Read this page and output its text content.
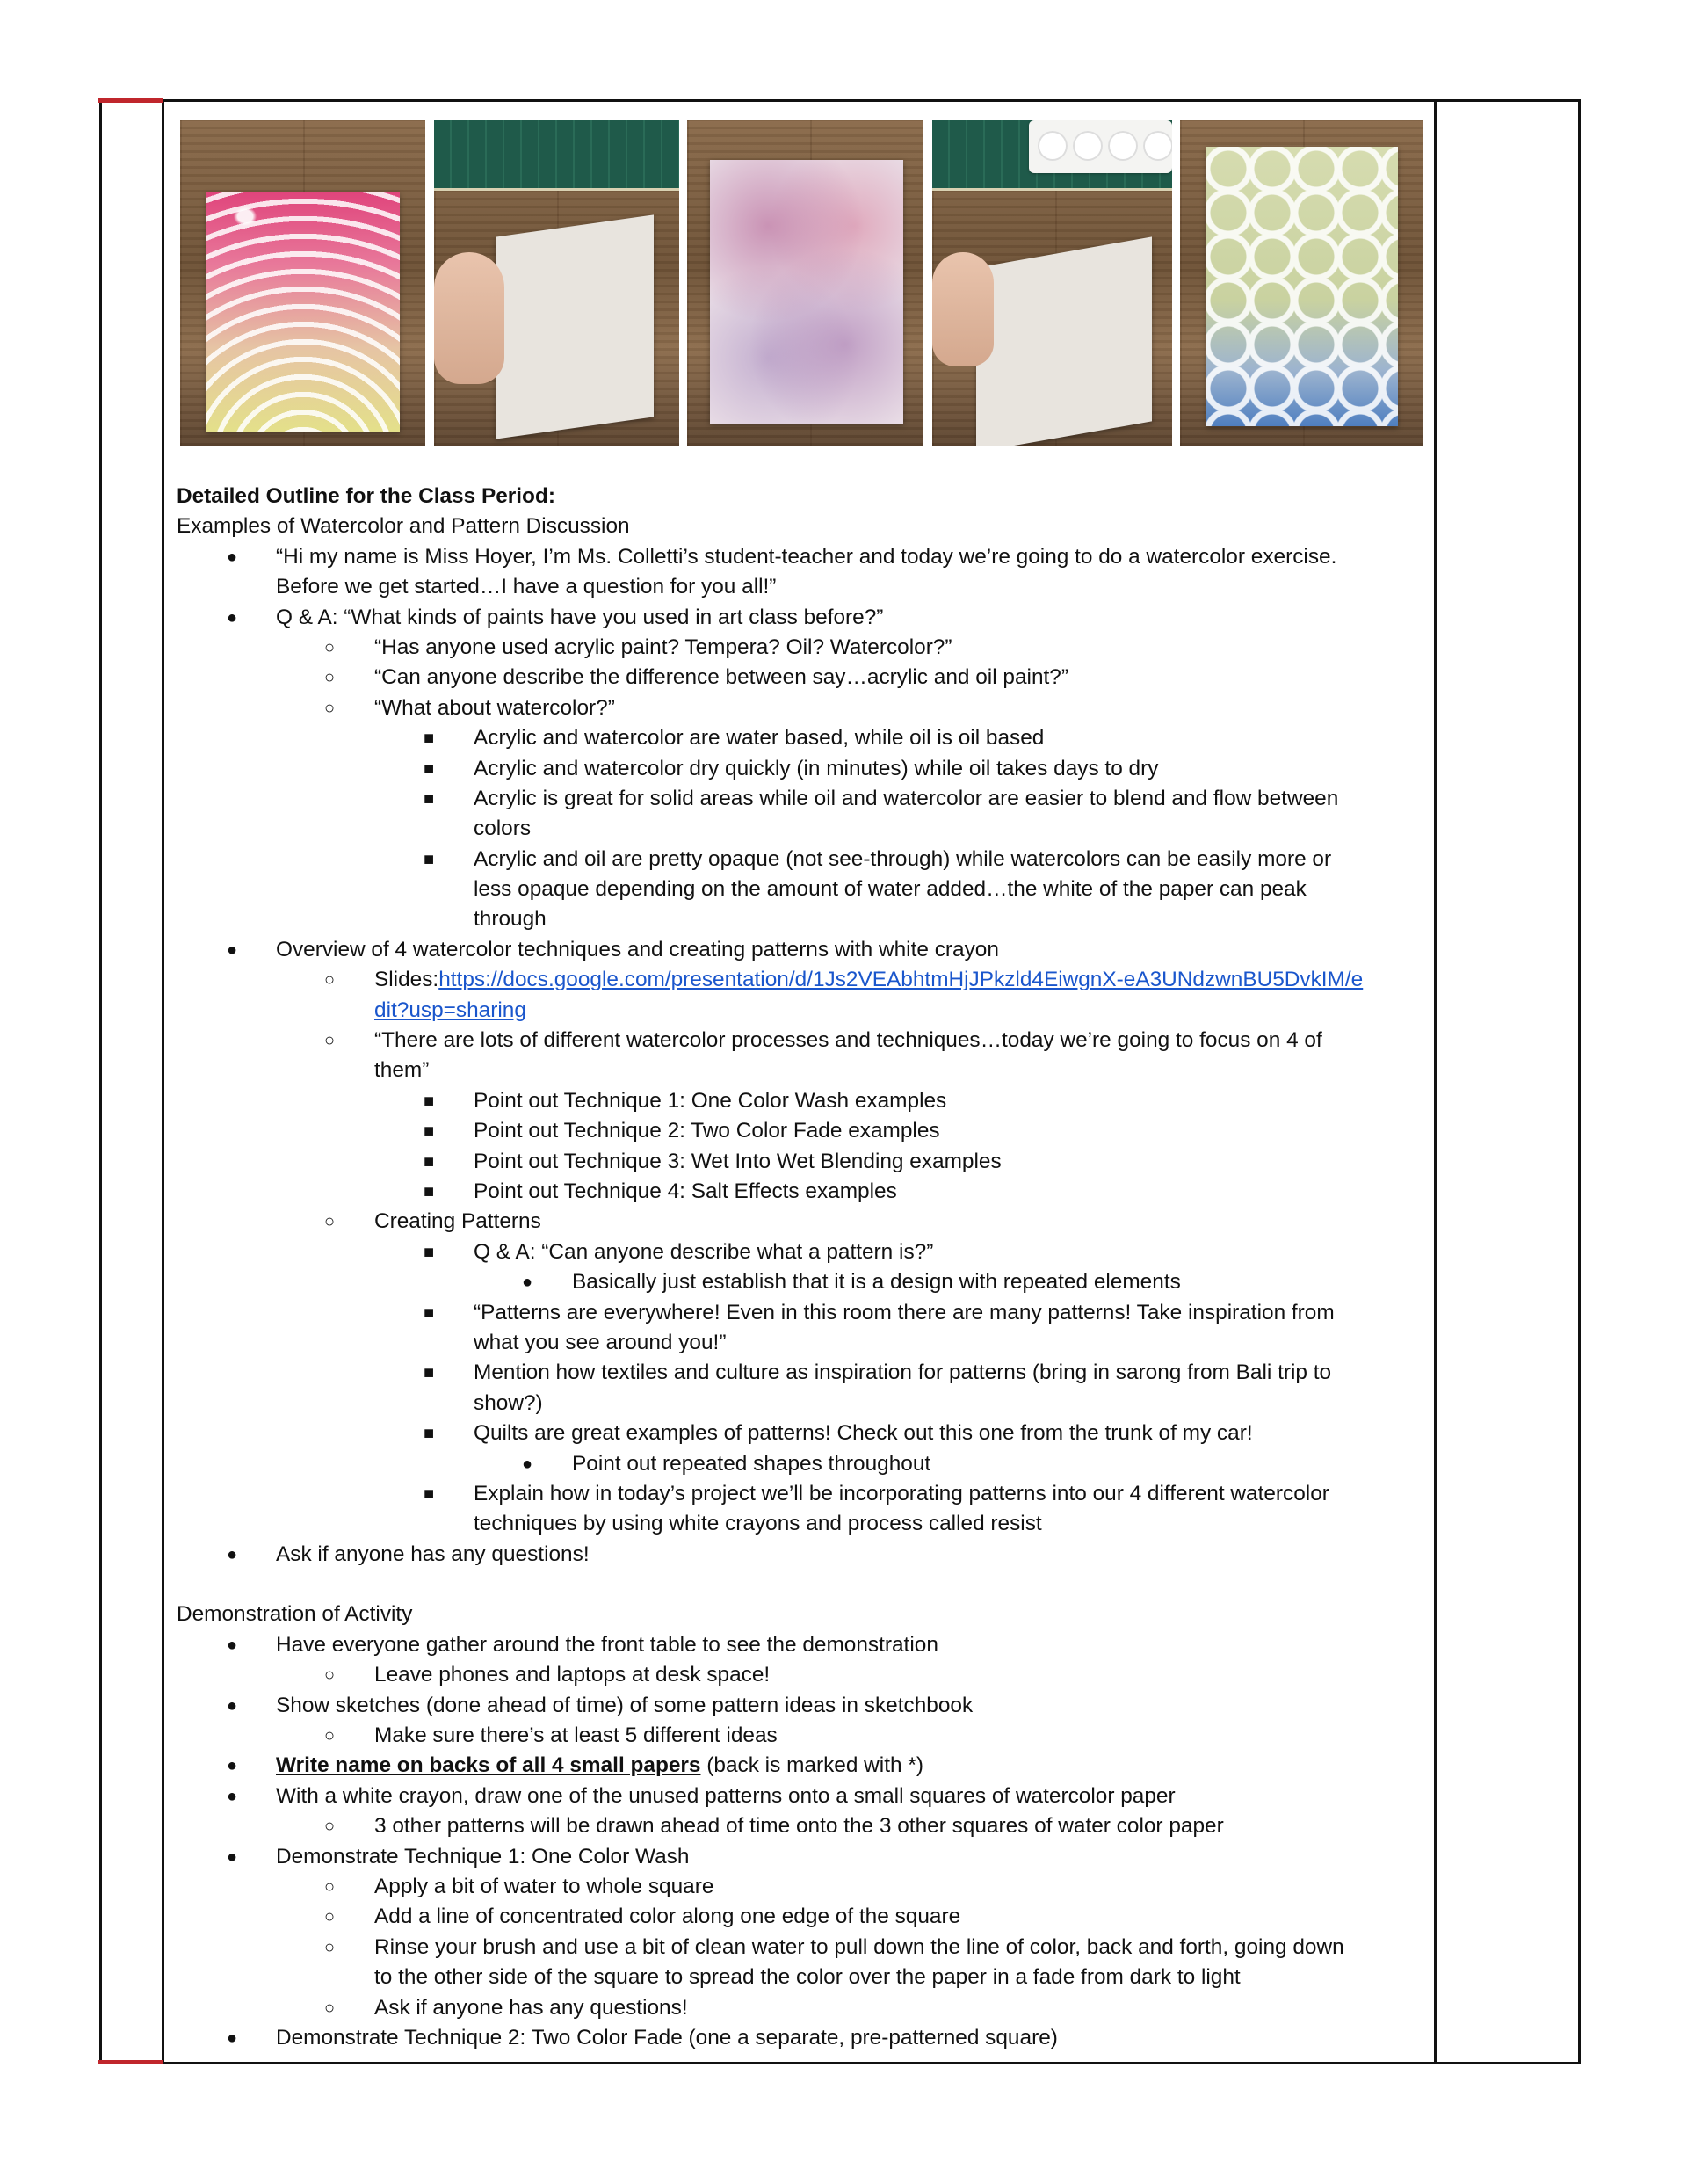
Detailed Outline for the Class Period:
Examples of Watercolor and Pattern Discussion
● “Hi my name is Miss Hoyer, I’m Ms. Colletti’s student-teacher and today we’re going to do a watercolor exercise.
Before we get started…I have a question for you all!”
● Q & A: “What kinds of paints have you used in art class before?”
○ “Has anyone used acrylic paint? Tempera? Oil? Watercolor?”
○ “Can anyone describe the difference between say…acrylic and oil paint?”
○ “What about watercolor?”
■ Acrylic and watercolor are water based, while oil is oil based
■ Acrylic and watercolor dry quickly (in minutes) while oil takes days to dry
■ Acrylic is great for solid areas while oil and watercolor are easier to blend and flow between
colors
■ Acrylic and oil are pretty opaque (not see-through) while watercolors can be easily more or
less opaque depending on the amount of water added…the white of the paper can peak
through
● Overview of 4 watercolor techniques and creating patterns with white crayon
○ Slides:https://docs.google.com/presentation/d/1Js2VEAbhtmHjJPkzld4EiwgnX-eA3UNdzwnBU5DvkIM/e
dit?usp=sharing
○ “There are lots of different watercolor processes and techniques…today we’re going to focus on 4 of
them”
■ Point out Technique 1: One Color Wash examples
■ Point out Technique 2: Two Color Fade examples
■ Point out Technique 3: Wet Into Wet Blending examples
■ Point out Technique 4: Salt Effects examples
○ Creating Patterns
■ Q & A: “Can anyone describe what a pattern is?”
● Basically just establish that it is a design with repeated elements
■ “Patterns are everywhere! Even in this room there are many patterns! Take inspiration from
what you see around you!”
■ Mention how textiles and culture as inspiration for patterns (bring in sarong from Bali trip to
show?)
■ Quilts are great examples of patterns! Check out this one from the trunk of my car!
● Point out repeated shapes throughout
■ Explain how in today’s project we’ll be incorporating patterns into our 4 different watercolor
techniques by using white crayons and process called resist
● Ask if anyone has any questions!
Demonstration of Activity
● Have everyone gather around the front table to see the demonstration
○ Leave phones and laptops at desk space!
● Show sketches (done ahead of time) of some pattern ideas in sketchbook
○ Make sure there’s at least 5 different ideas
● Write name on backs of all 4 small papers (back is marked with *)
● With a white crayon, draw one of the unused patterns onto a small squares of watercolor paper
○ 3 other patterns will be drawn ahead of time onto the 3 other squares of water color paper
● Demonstrate Technique 1: One Color Wash
○ Apply a bit of water to whole square
○ Add a line of concentrated color along one edge of the square
○ Rinse your brush and use a bit of clean water to pull down the line of color, back and forth, going down
to the other side of the square to spread the color over the paper in a fade from dark to light
○ Ask if anyone has any questions!
● Demonstrate Technique 2: Two Color Fade (one a separate, pre-patterned square)
